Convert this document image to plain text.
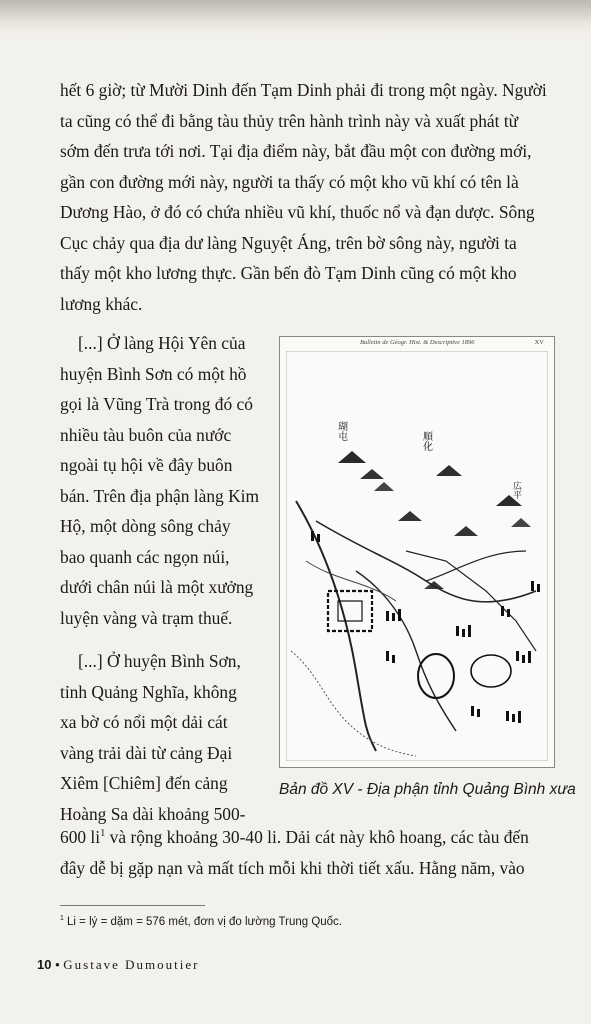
hết 6 giờ; từ Mười Dinh đến Tạm Dinh phải đi trong một ngày. Người
ta cũng có thể đi bằng tàu thủy trên hành trình này và xuất phát từ
sớm đến trưa tới nơi. Tại địa điểm này, bắt đầu một con đường mới,
gần con đường mới này, người ta thấy có một kho vũ khí có tên là
Dương Hào, ở đó có chứa nhiều vũ khí, thuốc nổ và đạn dược. Sông
Cục chảy qua địa dư làng Nguyệt Áng, trên bờ sông này, người ta
thấy một kho lương thực. Gần bến đò Tạm Dinh cũng có một kho
lương khác.

[...] Ở làng Hội Yên của
huyện Bình Sơn có một hồ
gọi là Vũng Trà trong đó có
nhiều tàu buôn của nước
ngoài tụ hội về đây buôn
bán. Trên địa phận làng Kim
Hộ, một dòng sông chảy
bao quanh các ngọn núi,
dưới chân núi là một xưởng
luyện vàng và trạm thuế.

[...] Ở huyện Bình Sơn,
tỉnh Quảng Nghĩa, không
xa bờ có nổi một dải cát
vàng trải dài từ cảng Đại
Xiêm [Chiêm] đến cảng
Hoàng Sa dài khoảng 500-

600 $li^1$ và rộng khoảng 30-40 li. Dải cát này khô hoang, các tàu đến
đây dễ bị gặp nạn và mất tích mỗi khi thời tiết xấu. Hằng năm, vào

Bulletin de Géogr. Hist. & Descriptive 1896	XV
瑚屯	順化
広平
Bản đồ XV - Địa phận tỉnh Quảng Bình xưa
$^1$ Li = lý = dặm = 576 mét, đơn vị đo lường Trung Quốc.
10 • Gustave Dumoutier
